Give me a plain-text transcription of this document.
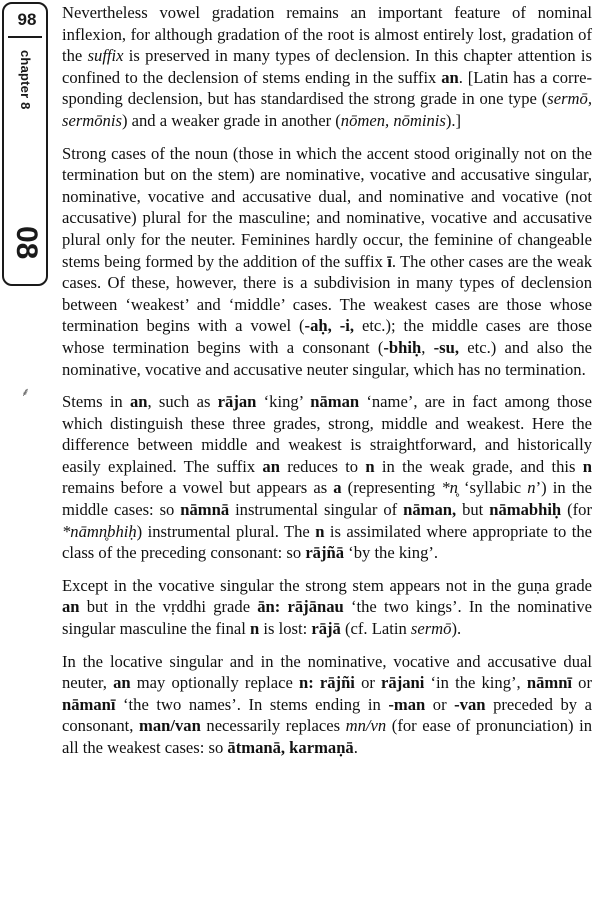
98
chapter 8
08
⸙

Nevertheless vowel gradation remains an important feature of nominal inflexion, for although gradation of the root is almost entirely lost, gradation of the suffix is preserved in many types of declension. In this chapter attention is confined to the declension of stems ending in the suffix an. [Latin has a corresponding declension, but has standardised the strong grade in one type (sermō, sermōnis) and a weaker grade in another (nōmen, nōminis).]

Strong cases of the noun (those in which the accent stood originally not on the termination but on the stem) are nominative, vocative and accusative singular, nominative, vocative and accusative dual, and nominative and vocative (not accusative) plural for the masculine; and nominative, vocative and accusative plural only for the neuter. Feminines hardly occur, the feminine of changeable stems being formed by the addition of the suffix ī. The other cases are the weak cases. Of these, however, there is a subdivision in many types of declension between ‘weakest’ and ‘middle’ cases. The weakest cases are those whose termination begins with a vowel (-aḥ, -i, etc.); the middle cases are those whose termination begins with a consonant (-bhiḥ, -su, etc.) and also the nominative, vocative and accusative neuter singular, which has no termination.

Stems in an, such as rājan ‘king’ nāman ‘name’, are in fact among those which distinguish these three grades, strong, middle and weakest. Here the difference between middle and weakest is straightforward, and historically easily explained. The suffix an reduces to n in the weak grade, and this n remains before a vowel but appears as a (representing *n̥ ‘syllabic n’) in the middle cases: so nāmnā instrumental singular of nāman, but nāmabhiḥ (for *nāmn̥bhiḥ) instrumental plural. The n is assimilated where appropriate to the class of the preceding consonant: so rājñā ‘by the king’.

Except in the vocative singular the strong stem appears not in the guṇa grade an but in the vṛddhi grade ān: rājānau ‘the two kings’. In the nominative singular masculine the final n is lost: rājā (cf. Latin sermō).

In the locative singular and in the nominative, vocative and accusative dual neuter, an may optionally replace n: rājñi or rājani ‘in the king’, nāmnī or nāmanī ‘the two names’. In stems ending in -man or -van preceded by a consonant, man/van necessarily replaces mn/vn (for ease of pronunciation) in all the weakest cases: so ātmanā, karmaṇā.
